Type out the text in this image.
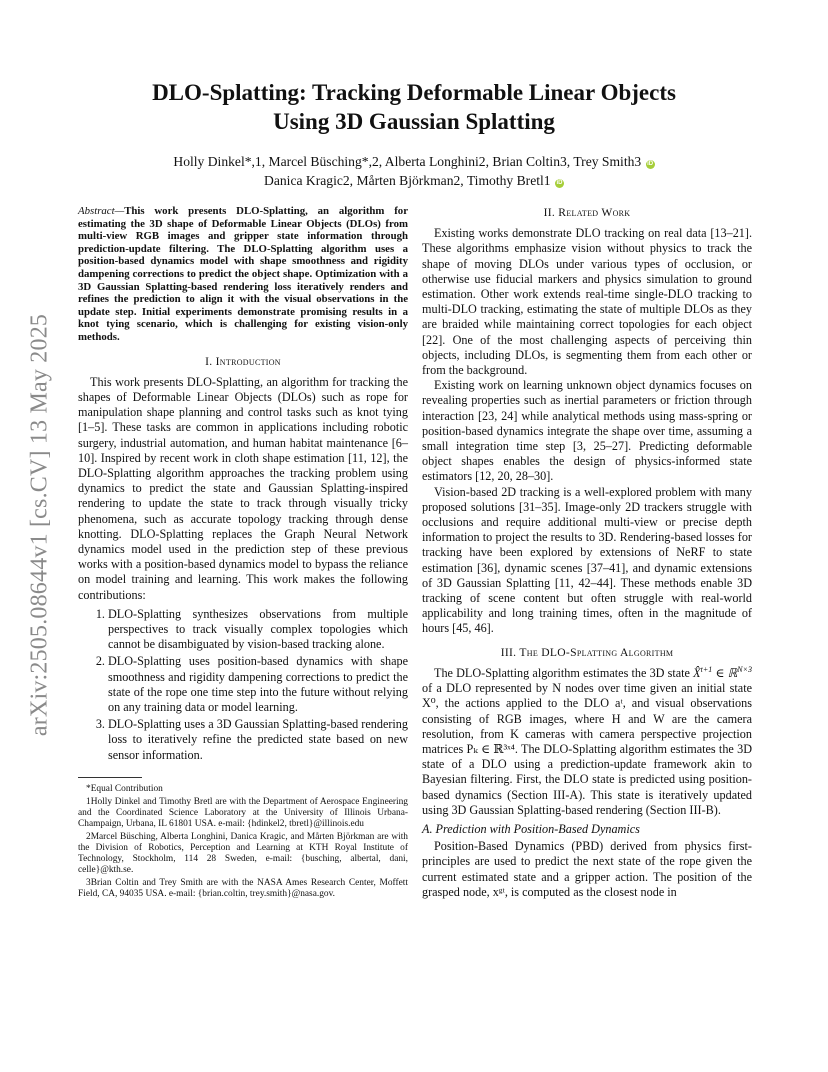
arXiv:2505.08644v1 [cs.CV] 13 May 2025
DLO-Splatting: Tracking Deformable Linear Objects
Using 3D Gaussian Splatting
Holly Dinkel*,1, Marcel Büsching*,2, Alberta Longhini2, Brian Coltin3, Trey Smith3 iD
Danica Kragic2, Mårten Björkman2, Timothy Bretl1 iD
Abstract—This work presents DLO-Splatting, an algorithm for estimating the 3D shape of Deformable Linear Objects (DLOs) from multi-view RGB images and gripper state information through prediction-update filtering. The DLO-Splatting algorithm uses a position-based dynamics model with shape smoothness and rigidity dampening corrections to predict the object shape. Optimization with a 3D Gaussian Splatting-based rendering loss iteratively renders and refines the prediction to align it with the visual observations in the update step. Initial experiments demonstrate promising results in a knot tying scenario, which is challenging for existing vision-only methods.
I. Introduction

This work presents DLO-Splatting, an algorithm for tracking the shapes of Deformable Linear Objects (DLOs) such as rope for manipulation shape planning and control tasks such as knot tying [1–5]. These tasks are common in applications including robotic surgery, industrial automation, and human habitat maintenance [6–10]. Inspired by recent work in cloth shape estimation [11, 12], the DLO-Splatting algorithm approaches the tracking problem using dynamics to predict the state and Gaussian Splatting-inspired rendering to update the state to track through visually tricky phenomena, such as accurate topology tracking through dense knotting. DLO-Splatting replaces the Graph Neural Network dynamics model used in the prediction step of these previous works with a position-based dynamics model to bypass the reliance on model training and learning. This work makes the following contributions:

1. DLO-Splatting synthesizes observations from multiple perspectives to track visually complex topologies which cannot be disambiguated by vision-based tracking alone.
2. DLO-Splatting uses position-based dynamics with shape smoothness and rigidity dampening corrections to predict the state of the rope one time step into the future without relying on any training data or model learning.
3. DLO-Splatting uses a 3D Gaussian Splatting-based rendering loss to iteratively refine the predicted state based on new sensor information.
*Equal Contribution
1Holly Dinkel and Timothy Bretl are with the Department of Aerospace Engineering and the Coordinated Science Laboratory at the University of Illinois Urbana-Champaign, Urbana, IL 61801 USA. e-mail: {hdinkel2, tbretl}@illinois.edu
2Marcel Büsching, Alberta Longhini, Danica Kragic, and Mårten Björkman are with the Division of Robotics, Perception and Learning at KTH Royal Institute of Technology, Stockholm, 114 28 Sweden, e-mail: {busching, albertal, dani, celle}@kth.se.
3Brian Coltin and Trey Smith are with the NASA Ames Research Center, Moffett Field, CA, 94035 USA. e-mail: {brian.coltin, trey.smith}@nasa.gov.
II. Related Work

Existing works demonstrate DLO tracking on real data [13–21]. These algorithms emphasize vision without physics to track the shape of moving DLOs under various types of occlusion, or otherwise use fiducial markers and physics simulation to ground estimation. Other work extends real-time single-DLO tracking to multi-DLO tracking, estimating the state of multiple DLOs as they are braided while maintaining correct topologies for each object [22]. One of the most challenging aspects of perceiving thin objects, including DLOs, is segmenting them from each other or from the background.

Existing work on learning unknown object dynamics focuses on revealing properties such as inertial parameters or friction through interaction [23, 24] while analytical methods using mass-spring or position-based dynamics integrate the shape over time, assuming a small integration time step [3, 25–27]. Predicting deformable object shapes enables the design of physics-informed state estimators [12, 20, 28–30].

Vision-based 2D tracking is a well-explored problem with many proposed solutions [31–35]. Image-only 2D trackers struggle with occlusions and require additional multi-view or precise depth information to project the results to 3D. Rendering-based losses for tracking have been explored by extensions of NeRF to state estimation [36], dynamic scenes [37–41], and dynamic extensions of 3D Gaussian Splatting [11, 42–44]. These methods enable 3D tracking of scene content but often struggle with real-world applicability and long training times, often in the magnitude of hours [45, 46].

III. The DLO-Splatting Algorithm

The DLO-Splatting algorithm estimates the 3D state X̂$^{t+1}$ ∈ ℝ$^{N\times 3}$ of a DLO represented by N nodes over time given an initial state X⁰, the actions applied to the DLO aᵗ, and visual observations consisting of RGB images, where H and W are the camera resolution, from K cameras with camera perspective projection matrices Pₖ ∈ ℝ³ˣ⁴. The DLO-Splatting algorithm estimates the 3D state of a DLO using a prediction-update framework akin to Bayesian filtering. First, the DLO state is predicted using position-based dynamics (Section III-A). This state is iteratively updated using 3D Gaussian Splatting-based rendering (Section III-B).

A. Prediction with Position-Based Dynamics

Position-Based Dynamics (PBD) derived from physics first-principles are used to predict the next state of the rope given the current estimated state and a gripper action. The position of the grasped node, xᵍᵗ, is computed as the closest node in
